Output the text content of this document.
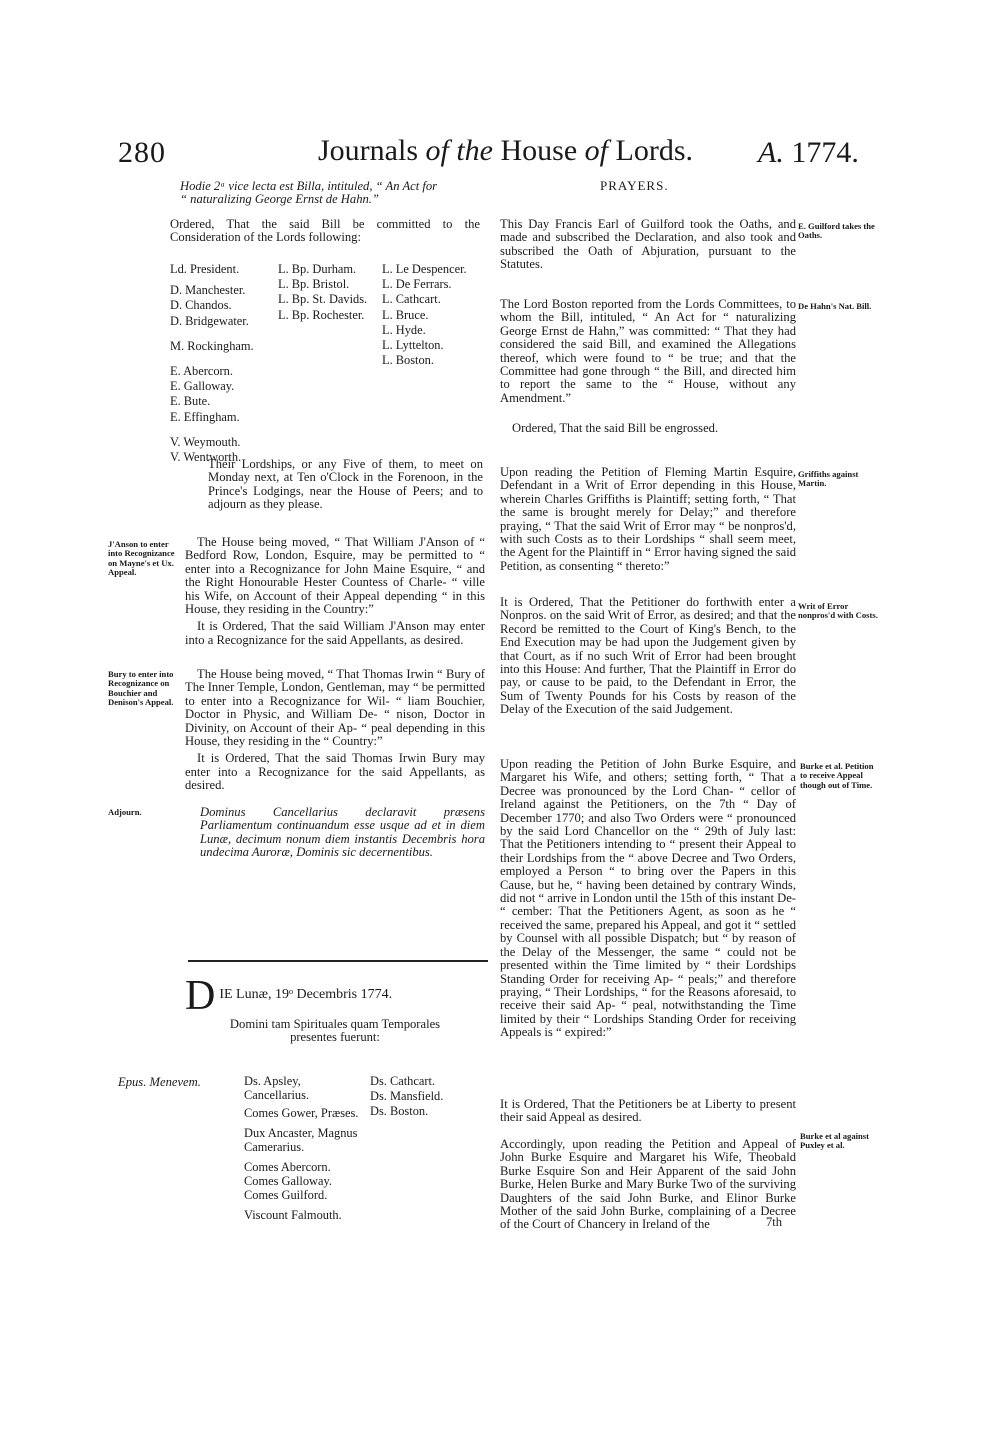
280	Journals of the House of Lords. A. 1774.
Hodie 2ᵃ vice lecta est Billa, intituled, “ An Act for
“ naturalizing George Ernst de Hahn.”
Ordered, That the said Bill be committed to the Consideration of the Lords following:
Ld. President.
D. Manchester.
D. Chandos.
D. Bridgewater.
M. Rockingham.
E. Abercorn.
E. Galloway.
E. Bute.
E. Effingham.
V. Weymouth.
V. Wentworth.
L. Bp. Durham.
L. Bp. Bristol.
L. Bp. St. Davids.
L. Bp. Rochester.
L. Le Despencer.
L. De Ferrars.
L. Cathcart.
L. Bruce.
L. Hyde.
L. Lyttelton.
L. Boston.
Their Lordships, or any Five of them, to meet on Monday next, at Ten o'Clock in the Forenoon, in the Prince's Lodgings, near the House of Peers; and to adjourn as they please.
J'Anson to enter into Recognizance on Mayne's et Ux. Appeal.

The House being moved, “ That William J'Anson of “ Bedford Row, London, Esquire, may be permitted to “ enter into a Recognizance for John Maine Esquire, “ and the Right Honourable Hester Countess of Charle- “ ville his Wife, on Account of their Appeal depending “ in this House, they residing in the Country:”

It is Ordered, That the said William J'Anson may enter into a Recognizance for the said Appellants, as desired.

Bury to enter into Recognizance on Bouchier and Denison's Appeal.

The House being moved, “ That Thomas Irwin “ Bury of The Inner Temple, London, Gentleman, may “ be permitted to enter into a Recognizance for Wil- “ liam Bouchier, Doctor in Physic, and William De- “ nison, Doctor in Divinity, on Account of their Ap- “ peal depending in this House, they residing in the “ Country:”

It is Ordered, That the said Thomas Irwin Bury may enter into a Recognizance for the said Appellants, as desired.

Adjourn.	Dominus Cancellarius declaravit præsens Parliamentum continuandum esse usque ad et in diem Lunæ, decimum nonum diem instantis Decembris hora undecima Auroræ, Dominis sic decernentibus.
D IE Lunæ, 19ᵒ Decembris 1774.
Domini tam Spirituales quam Temporales presentes fuerunt:
Epus. Menevem.	Ds. Apsley, Cancellarius.
Comes Gower, Præses.
Dux Ancaster, Magnus Camerarius.
Comes Abercorn.
Comes Galloway.
Comes Guilford.
Viscount Falmouth.
Ds. Cathcart.
Ds. Mansfield.
Ds. Boston.
PRAYERS.
This Day Francis Earl of Guilford took the Oaths, and made and subscribed the Declaration, and also took and subscribed the Oath of Abjuration, pursuant to the Statutes.
E. Guilford takes the Oaths.
The Lord Boston reported from the Lords Committees, to whom the Bill, intituled, “ An Act for “ naturalizing George Ernst de Hahn,” was committed: “ That they had considered the said Bill, and examined the Allegations thereof, which were found to “ be true; and that the Committee had gone through “ the Bill, and directed him to report the same to the “ House, without any Amendment.”
De Hahn's Nat. Bill.
Ordered, That the said Bill be engrossed.
Upon reading the Petition of Fleming Martin Esquire, Defendant in a Writ of Error depending in this House, wherein Charles Griffiths is Plaintiff; setting forth, “ That the same is brought merely for Delay;” and therefore praying, “ That the said Writ of Error may “ be nonpros'd, with such Costs as to their Lordships “ shall seem meet, the Agent for the Plaintiff in “ Error having signed the said Petition, as consenting “ thereto:”
Griffiths against Martin.
It is Ordered, That the Petitioner do forthwith enter a Nonpros. on the said Writ of Error, as desired; and that the Record be remitted to the Court of King's Bench, to the End Execution may be had upon the Judgement given by that Court, as if no such Writ of Error had been brought into this House: And further, That the Plaintiff in Error do pay, or cause to be paid, to the Defendant in Error, the Sum of Twenty Pounds for his Costs by reason of the Delay of the Execution of the said Judgement.
Writ of Error nonpros'd with Costs.
Upon reading the Petition of John Burke Esquire, and Margaret his Wife, and others; setting forth, “ That a Decree was pronounced by the Lord Chan- “ cellor of Ireland against the Petitioners, on the 7th “ Day of December 1770; and also Two Orders were “ pronounced by the said Lord Chancellor on the “ 29th of July last: That the Petitioners intending to “ present their Appeal to their Lordships from the “ above Decree and Two Orders, employed a Person “ to bring over the Papers in this Cause, but he, “ having been detained by contrary Winds, did not “ arrive in London until the 15th of this instant De- “ cember: That the Petitioners Agent, as soon as he “ received the same, prepared his Appeal, and got it “ settled by Counsel with all possible Dispatch; but “ by reason of the Delay of the Messenger, the same “ could not be presented within the Time limited by “ their Lordships Standing Order for receiving Ap- “ peals;” and therefore praying, “ Their Lordships, “ for the Reasons aforesaid, to receive their said Ap- “ peal, notwithstanding the Time limited by their “ Lordships Standing Order for receiving Appeals is “ expired:”
Burke et al. Petition to receive Appeal though out of Time.
It is Ordered, That the Petitioners be at Liberty to present their said Appeal as desired.
Accordingly, upon reading the Petition and Appeal of John Burke Esquire and Margaret his Wife, Theobald Burke Esquire Son and Heir Apparent of the said John Burke, Helen Burke and Mary Burke Two of the surviving Daughters of the said John Burke, and Elinor Burke Mother of the said John Burke, complaining of a Decree of the Court of Chancery in Ireland of the
Burke et al against Puxley et al.
7th
